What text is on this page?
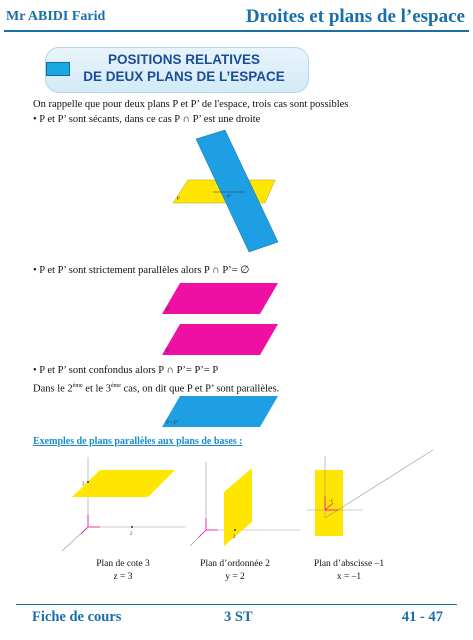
Mr ABIDI Farid	Droites et plans de l’espace
POSITIONS RELATIVES
DE DEUX PLANS DE L’ESPACE
On rappelle que pour deux plans P et P’ de l'espace, trois cas sont possibles
• P et P’ sont sécants, dans ce cas P ∩ P’ est une droite
P	P’
• P et P’ sont strictement parallèles alors P ∩ P’= ∅
P’
P
• P et P’ sont confondus alors P ∩ P’= P’= P
Dans le 2ème et le 3ème cas, on dit que P et P’ sont parallèles.
P = P’
Exemples de plans parallèles aux plans de bases :
3
2
2
-1
Plan de cote 3
z = 3
Plan d’ordonnée 2
y = 2
Plan d’abscisse –1
x = –1
Fiche de cours	3 ST	41 - 47
